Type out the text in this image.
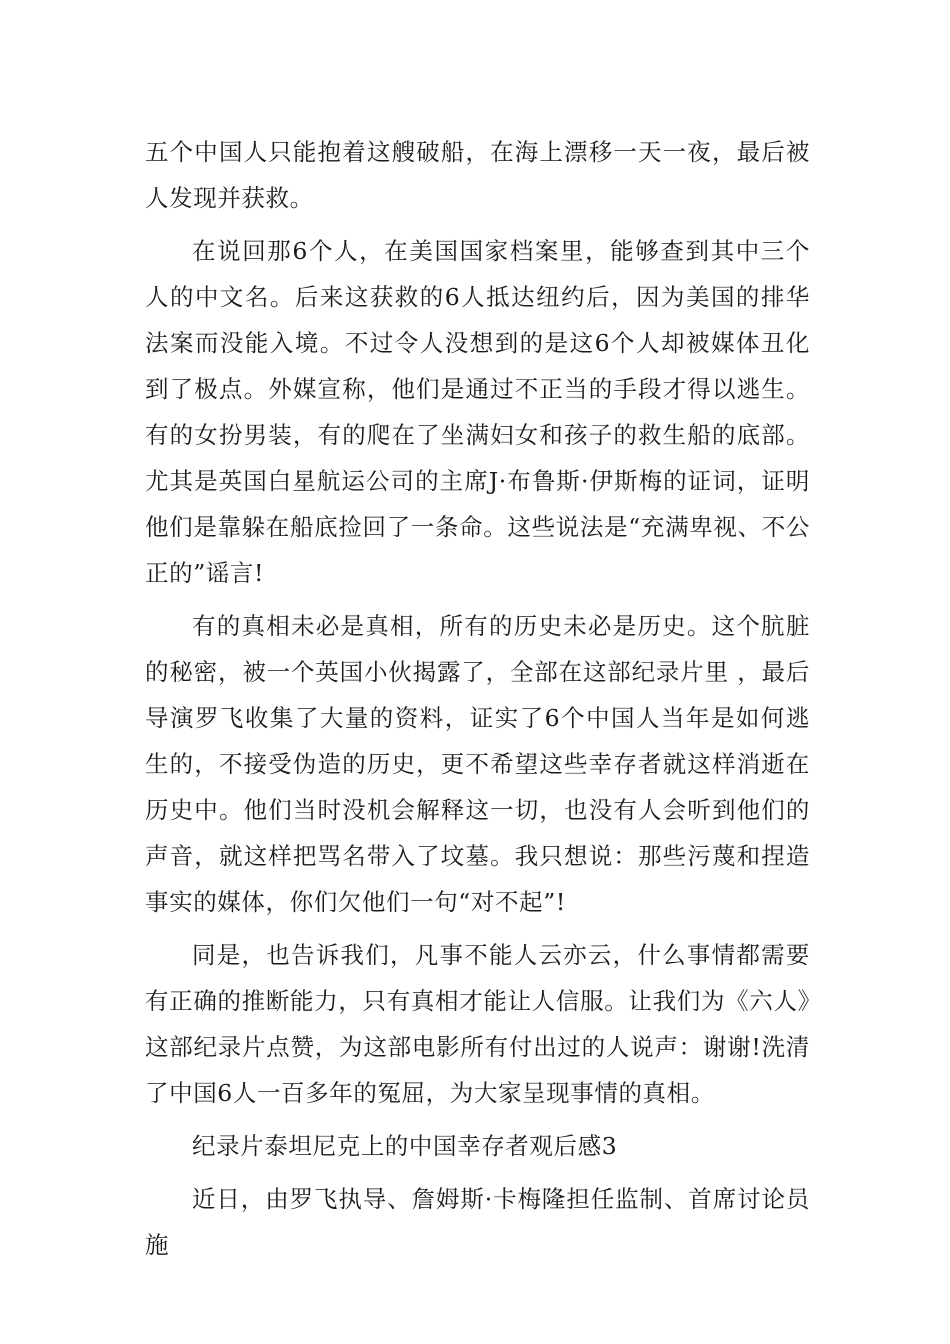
五个中国人只能抱着这艘破船，在海上漂移一天一夜，最后被人发现并获救。

在说回那6个人，在美国国家档案里，能够查到其中三个人的中文名。后来这获救的6人抵达纽约后，因为美国的排华法案而没能入境。不过令人没想到的是这6个人却被媒体丑化到了极点。外媒宣称，他们是通过不正当的手段才得以逃生。有的女扮男装，有的爬在了坐满妇女和孩子的救生船的底部。尤其是英国白星航运公司的主席J·布鲁斯·伊斯梅的证词，证明他们是靠躲在船底捡回了一条命。这些说法是“充满卑视、不公正的”谣言!

有的真相未必是真相，所有的历史未必是历史。这个肮脏的秘密，被一个英国小伙揭露了，全部在这部纪录片里 ，最后导演罗飞收集了大量的资料，证实了6个中国人当年是如何逃生的，不接受伪造的历史，更不希望这些幸存者就这样消逝在历史中。他们当时没机会解释这一切，也没有人会听到他们的声音，就这样把骂名带入了坟墓。我只想说：那些污蔑和捏造事实的媒体，你们欠他们一句“对不起”!

同是，也告诉我们，凡事不能人云亦云，什么事情都需要有正确的推断能力，只有真相才能让人信服。让我们为《六人》这部纪录片点赞，为这部电影所有付出过的人说声：谢谢!洗清了中国6人一百多年的冤屈，为大家呈现事情的真相。

纪录片泰坦尼克上的中国幸存者观后感3

近日，由罗飞执导、詹姆斯·卡梅隆担任监制、首席讨论员施
